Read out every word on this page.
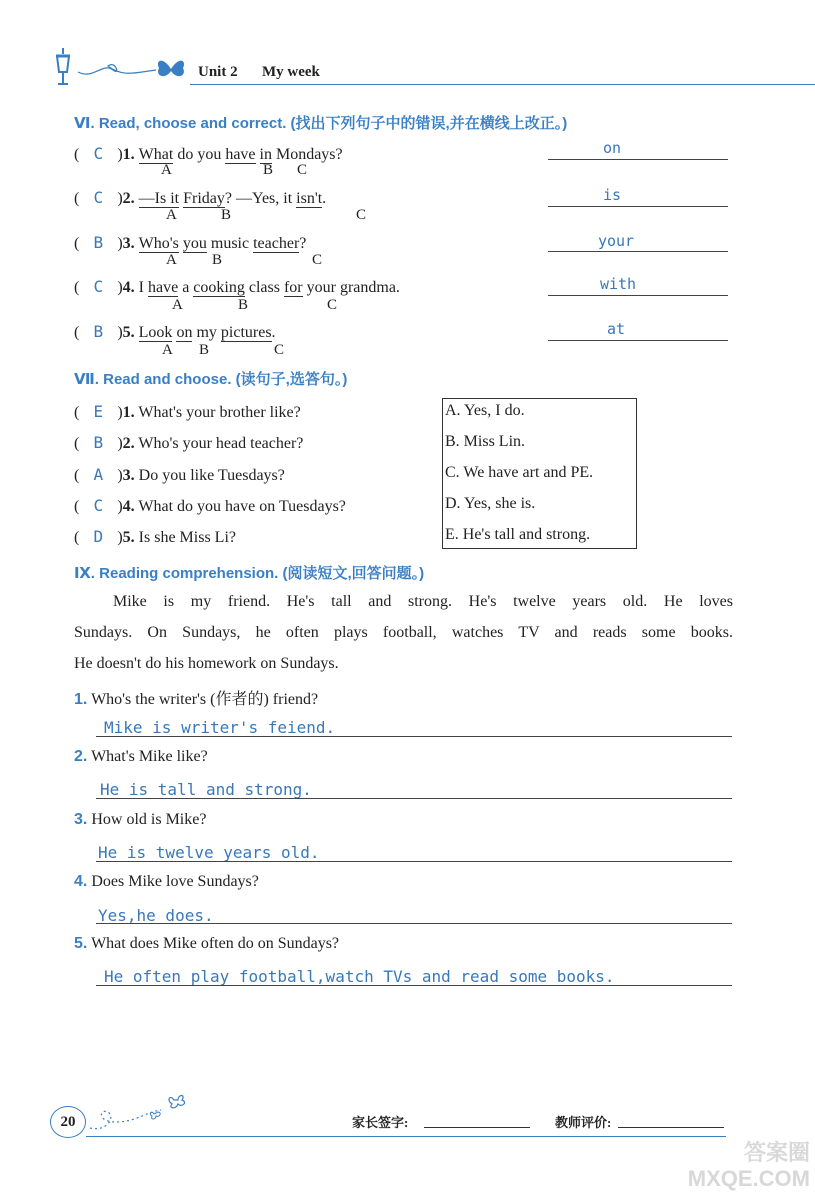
Unit 2 My week
Ⅵ. Read, choose and correct. (找出下列句子中的错误,并在横线上改正。)
( C )1. What do you have in Mondays?
A	B C
on
( C )2. —Is it Friday? —Yes, it isn't.
A	B	C
is
( B )3. Who's you music teacher?
A B	C
your
( C )4. I have a cooking class for your grandma.
A	B	C
with
( B )5. Look on my pictures.
A B	C
at
Ⅶ. Read and choose. (读句子,选答句。)
( E )1. What's your brother like?
( B )2. Who's your head teacher?
( A )3. Do you like Tuesdays?
( C )4. What do you have on Tuesdays?
( D )5. Is she Miss Li?
A. Yes, I do.
B. Miss Lin.
C. We have art and PE.
D. Yes, she is.
E. He's tall and strong.
Ⅸ. Reading comprehension. (阅读短文,回答问题。)
Mike is my friend. He's tall and strong. He's twelve years old. He loves
Sundays. On Sundays, he often plays football, watches TV and reads some books.
He doesn't do his homework on Sundays.
1. Who's the writer's (作者的) friend?
Mike is writer's feiend.
2. What's Mike like?
He is tall and strong.
3. How old is Mike?
He is twelve years old.
4. Does Mike love Sundays?
Yes,he does.
5. What does Mike often do on Sundays?
He often play football,watch TVs and read some books.
20	家长签字:	教师评价:
答案圈 MXQE.COM
